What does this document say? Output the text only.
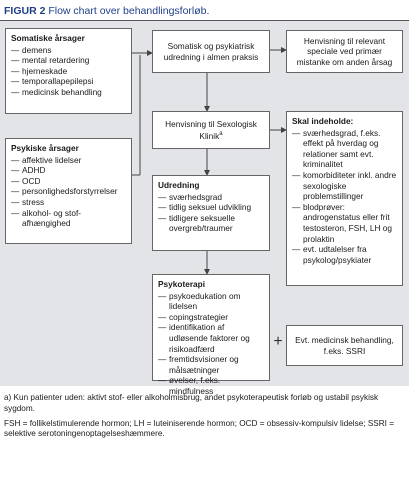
FIGUR 2 Flow chart over behandlingsforløb.
Somatiske årsager
— demens
— mental retardering
— hjerneskade
— temporallapepilepsi
— medicinsk behandling
Psykiske årsager
— affektive lidelser
— ADHD
— OCD
— personlighedsforstyrrelser
— stress
— alkohol- og stof-afhængighed
Somatisk og psykiatrisk udredning i almen praksis
Henvisning til relevant speciale ved primær mistanke om anden årsag
Henvisning til Sexologisk Klinik$^a$
Skal indeholde:
— sværhedsgrad, f.eks. effekt på hverdag og relationer samt evt. kriminalitet
— komorbiditeter inkl. andre sexologiske problemstillinger
— blodprøver: androgenstatus eller frit testosteron, FSH, LH og prolaktin
— evt. udtalelser fra psykolog/psykiater
Udredning
— sværhedsgrad
— tidlig seksuel udvikling
— tidligere seksuelle overgreb/traumer
Psykoterapi
— psykoedukation om lidelsen
— copingstrategier
— identifikation af udløsende faktorer og risikoadfærd
— fremtidsvisioner og målsætninger
— øvelser, f.eks. mindfulness
+	Evt. medicinsk behandling, f.eks. SSRI

a) Kun patienter uden: aktivt stof- eller alkoholmisbrug, andet psykoterapeutisk forløb og ustabil psykisk sygdom.

FSH = follikelstimulerende hormon; LH = luteiniserende hormon; OCD = obsessiv-kompulsiv lidelse; SSRI = selektive serotoningenoptagelseshæmmere.
